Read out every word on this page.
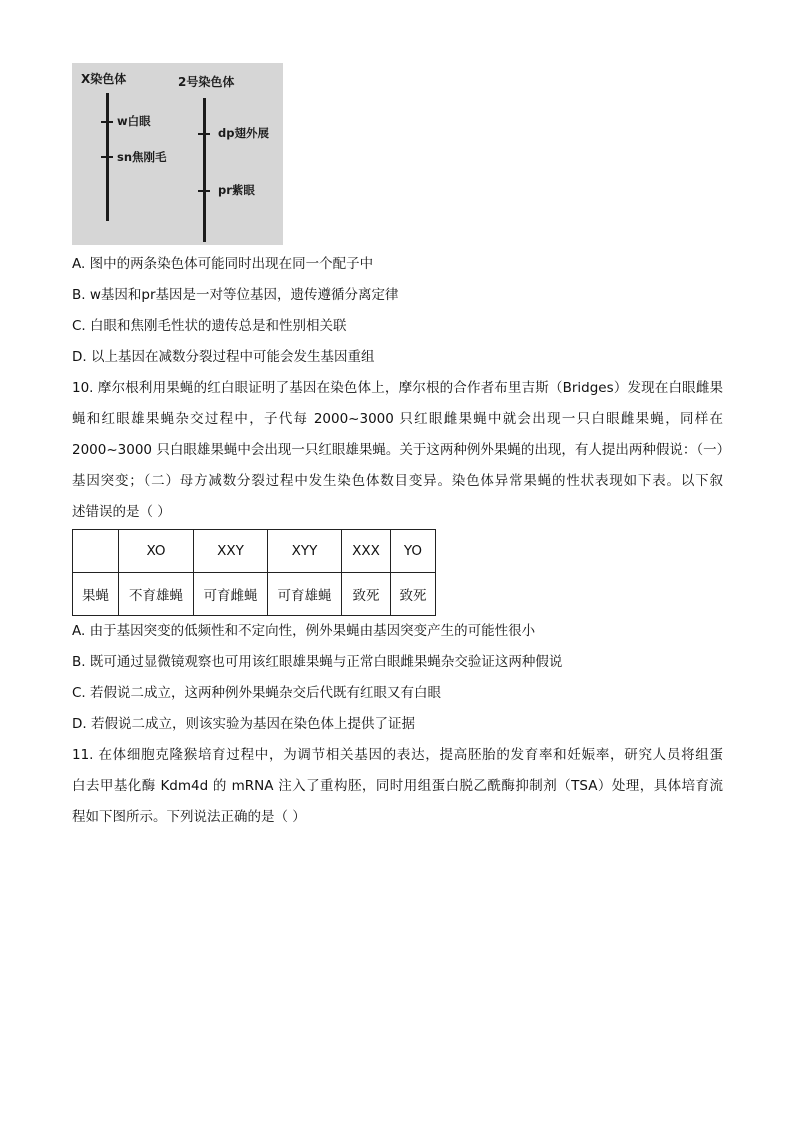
X染色体	2号染色体
w白眼
sn焦刚毛
dp翅外展
pr紫眼
A. 图中的两条染色体可能同时出现在同一个配子中
B. w基因和pr基因是一对等位基因，遗传遵循分离定律
C. 白眼和焦刚毛性状的遗传总是和性别相关联
D. 以上基因在减数分裂过程中可能会发生基因重组
10. 摩尔根利用果蝇的红白眼证明了基因在染色体上，摩尔根的合作者布里吉斯（Bridges）发现在白眼雌果
蝇和红眼雄果蝇杂交过程中，子代每 2000~3000 只红眼雌果蝇中就会出现一只白眼雌果蝇，同样在
2000~3000 只白眼雄果蝇中会出现一只红眼雄果蝇。关于这两种例外果蝇的出现，有人提出两种假说：（一）
基因突变；（二）母方减数分裂过程中发生染色体数目变异。染色体异常果蝇的性状表现如下表。以下叙
述错误的是（ ）
	XO	XXY	XYY	XXX	YO
果蝇	不育雄蝇	可育雌蝇	可育雄蝇	致死	致死
A. 由于基因突变的低频性和不定向性，例外果蝇由基因突变产生的可能性很小
B. 既可通过显微镜观察也可用该红眼雄果蝇与正常白眼雌果蝇杂交验证这两种假说
C. 若假说二成立，这两种例外果蝇杂交后代既有红眼又有白眼
D. 若假说二成立，则该实验为基因在染色体上提供了证据
11. 在体细胞克隆猴培育过程中，为调节相关基因的表达，提高胚胎的发育率和妊娠率，研究人员将组蛋
白去甲基化酶 Kdm4d 的 mRNA 注入了重构胚，同时用组蛋白脱乙酰酶抑制剂（TSA）处理，具体培育流
程如下图所示。下列说法正确的是（ ）
